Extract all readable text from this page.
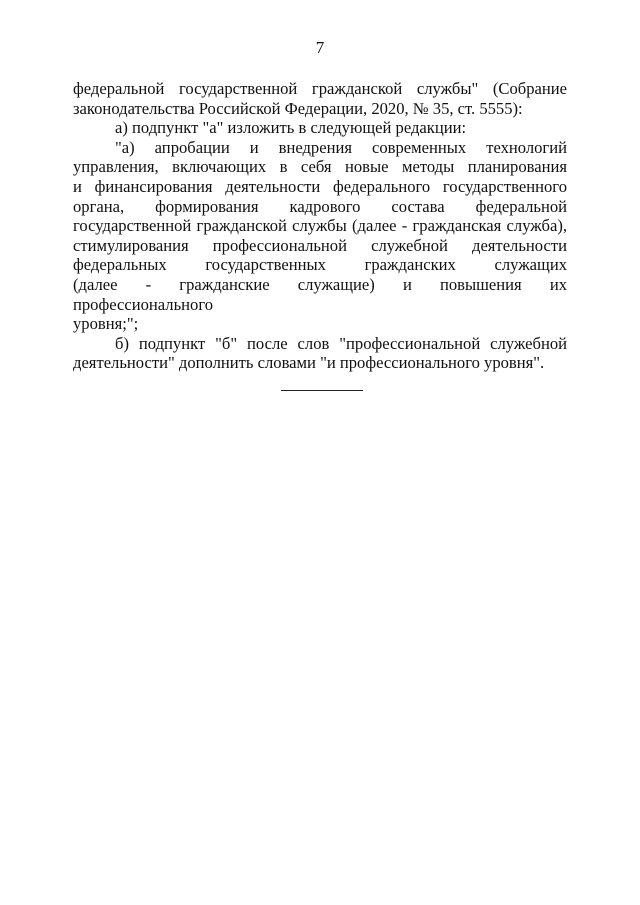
7

федеральной государственной гражданской службы" (Собрание
законодательства Российской Федерации, 2020, № 35, ст. 5555):

а) подпункт "а" изложить в следующей редакции:

"а) апробации и внедрения современных технологий
управления, включающих в себя новые методы планирования
и финансирования деятельности федерального государственного
органа, формирования кадрового состава федеральной
государственной гражданской службы (далее - гражданская служба),
стимулирования профессиональной служебной деятельности
федеральных государственных гражданских служащих
(далее - гражданские служащие) и повышения их профессионального
уровня;";

б) подпункт "б" после слов "профессиональной служебной
деятельности" дополнить словами "и профессионального уровня".
